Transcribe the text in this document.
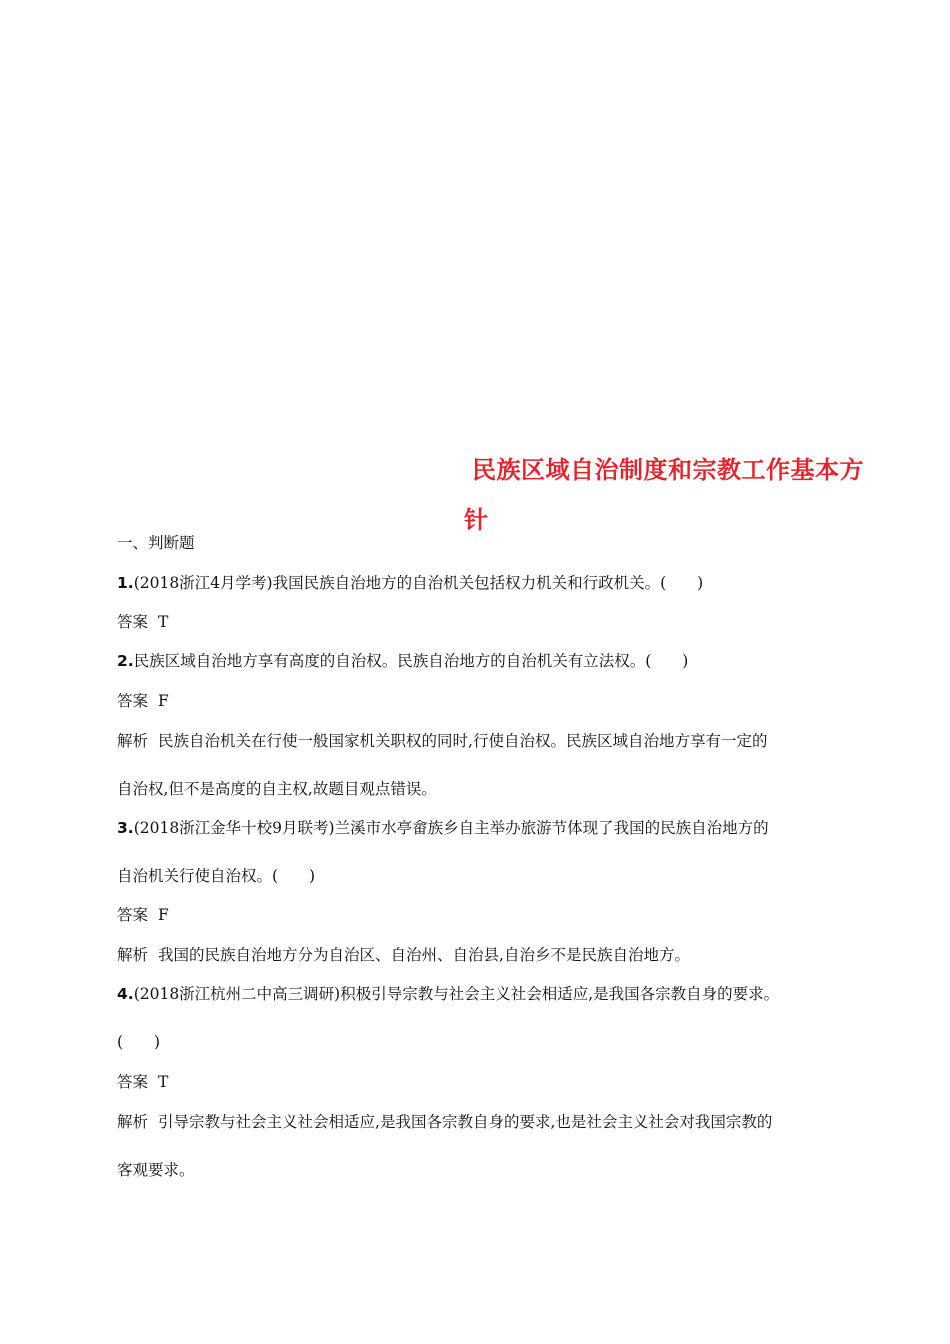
民族区域自治制度和宗教工作基本方
针
一、判断题
1.(2018浙江4月学考)我国民族自治地方的自治机关包括权力机关和行政机关。(　　)
答案 T
2.民族区域自治地方享有高度的自治权。民族自治地方的自治机关有立法权。(　　)
答案 F
解析 民族自治机关在行使一般国家机关职权的同时,行使自治权。民族区域自治地方享有一定的
自治权,但不是高度的自主权,故题目观点错误。
3.(2018浙江金华十校9月联考)兰溪市水亭畲族乡自主举办旅游节体现了我国的民族自治地方的
自治机关行使自治权。(　　)
答案 F
解析 我国的民族自治地方分为自治区、自治州、自治县,自治乡不是民族自治地方。
4.(2018浙江杭州二中高三调研)积极引导宗教与社会主义社会相适应,是我国各宗教自身的要求。
(　　)
答案 T
解析 引导宗教与社会主义社会相适应,是我国各宗教自身的要求,也是社会主义社会对我国宗教的
客观要求。
